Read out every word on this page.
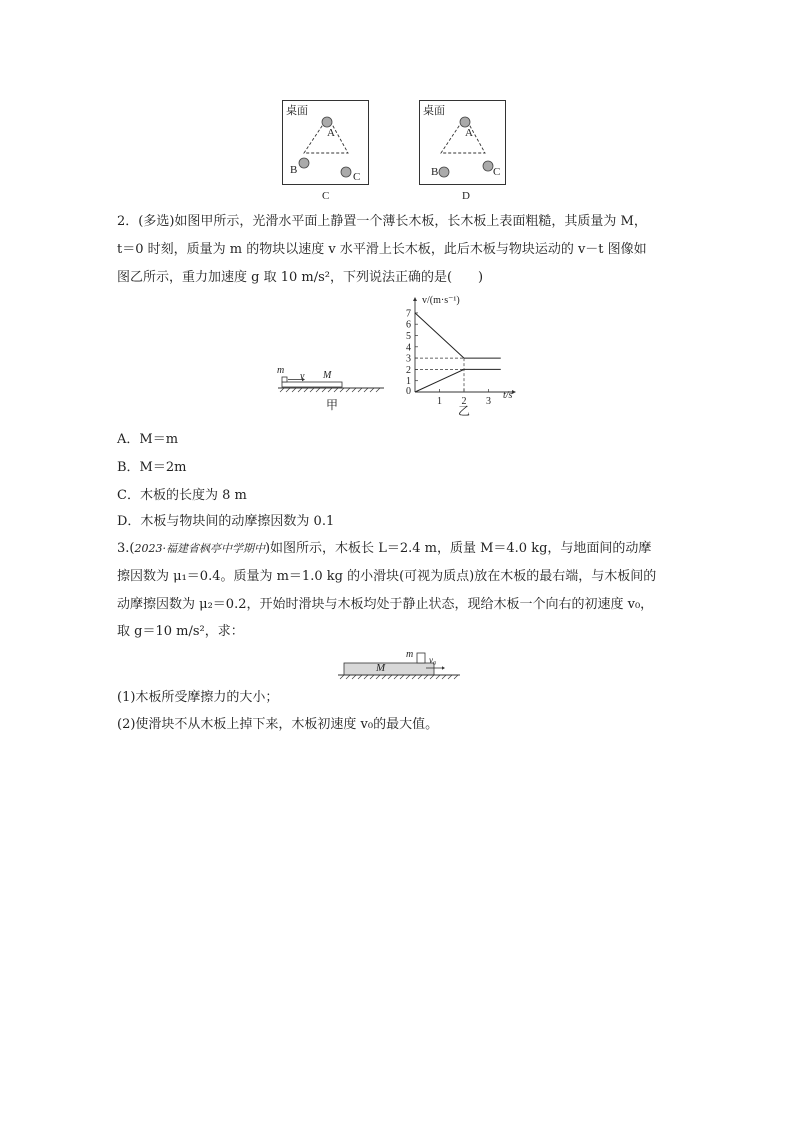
桌面
A
B
C
C
桌面
A
B	C
D
2．(多选)如图甲所示，光滑水平面上静置一个薄长木板，长木板上表面粗糙，其质量为 M，
t＝0 时刻，质量为 m 的物块以速度 v 水平滑上长木板，此后木板与物块运动的 v－t 图像如
图乙所示，重力加速度 g 取 10 m/s²，下列说法正确的是(　　)
m
v M
甲
1
2
3
4
5
6
7
1 2 3
v/(m·s⁻¹)
t/s
0
乙
A．M＝m
B．M＝2m
C．木板的长度为 8 m
D．木板与物块间的动摩擦因数为 0.1
3.(2023·福建省枫亭中学期中)如图所示，木板长 L＝2.4 m，质量 M＝4.0 kg，与地面间的动摩
擦因数为 μ₁＝0.4。质量为 m＝1.0 kg 的小滑块(可视为质点)放在木板的最右端，与木板间的
动摩擦因数为 μ₂＝0.2，开始时滑块与木板均处于静止状态，现给木板一个向右的初速度 v₀，
取 g＝10 m/s²，求：
m v₀
M
(1)木板所受摩擦力的大小；
(2)使滑块不从木板上掉下来，木板初速度 v₀的最大值。
